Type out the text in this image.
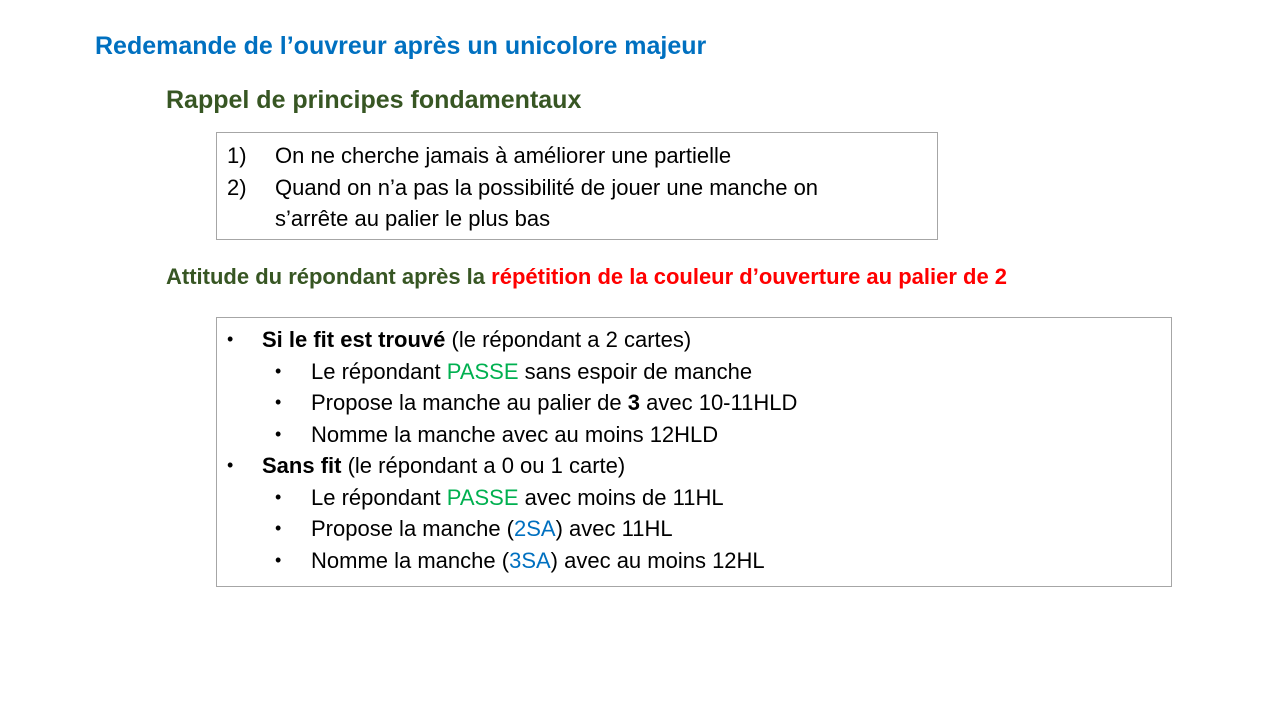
Redemande de l’ouvreur après un unicolore majeur
Rappel de principes fondamentaux
1) On ne cherche jamais à améliorer une partielle
2) Quand on n’a pas la possibilité de jouer une manche on
s’arrête au palier le plus bas
Attitude du répondant après la répétition de la couleur d’ouverture au palier de 2
• Si le fit est trouvé (le répondant a 2 cartes)
• Le répondant PASSE sans espoir de manche
• Propose la manche au palier de 3 avec 10-11HLD
• Nomme la manche avec au moins 12HLD
• Sans fit (le répondant a 0 ou 1 carte)
• Le répondant PASSE avec moins de 11HL
• Propose la manche (2SA) avec 11HL
• Nomme la manche (3SA) avec au moins 12HL
